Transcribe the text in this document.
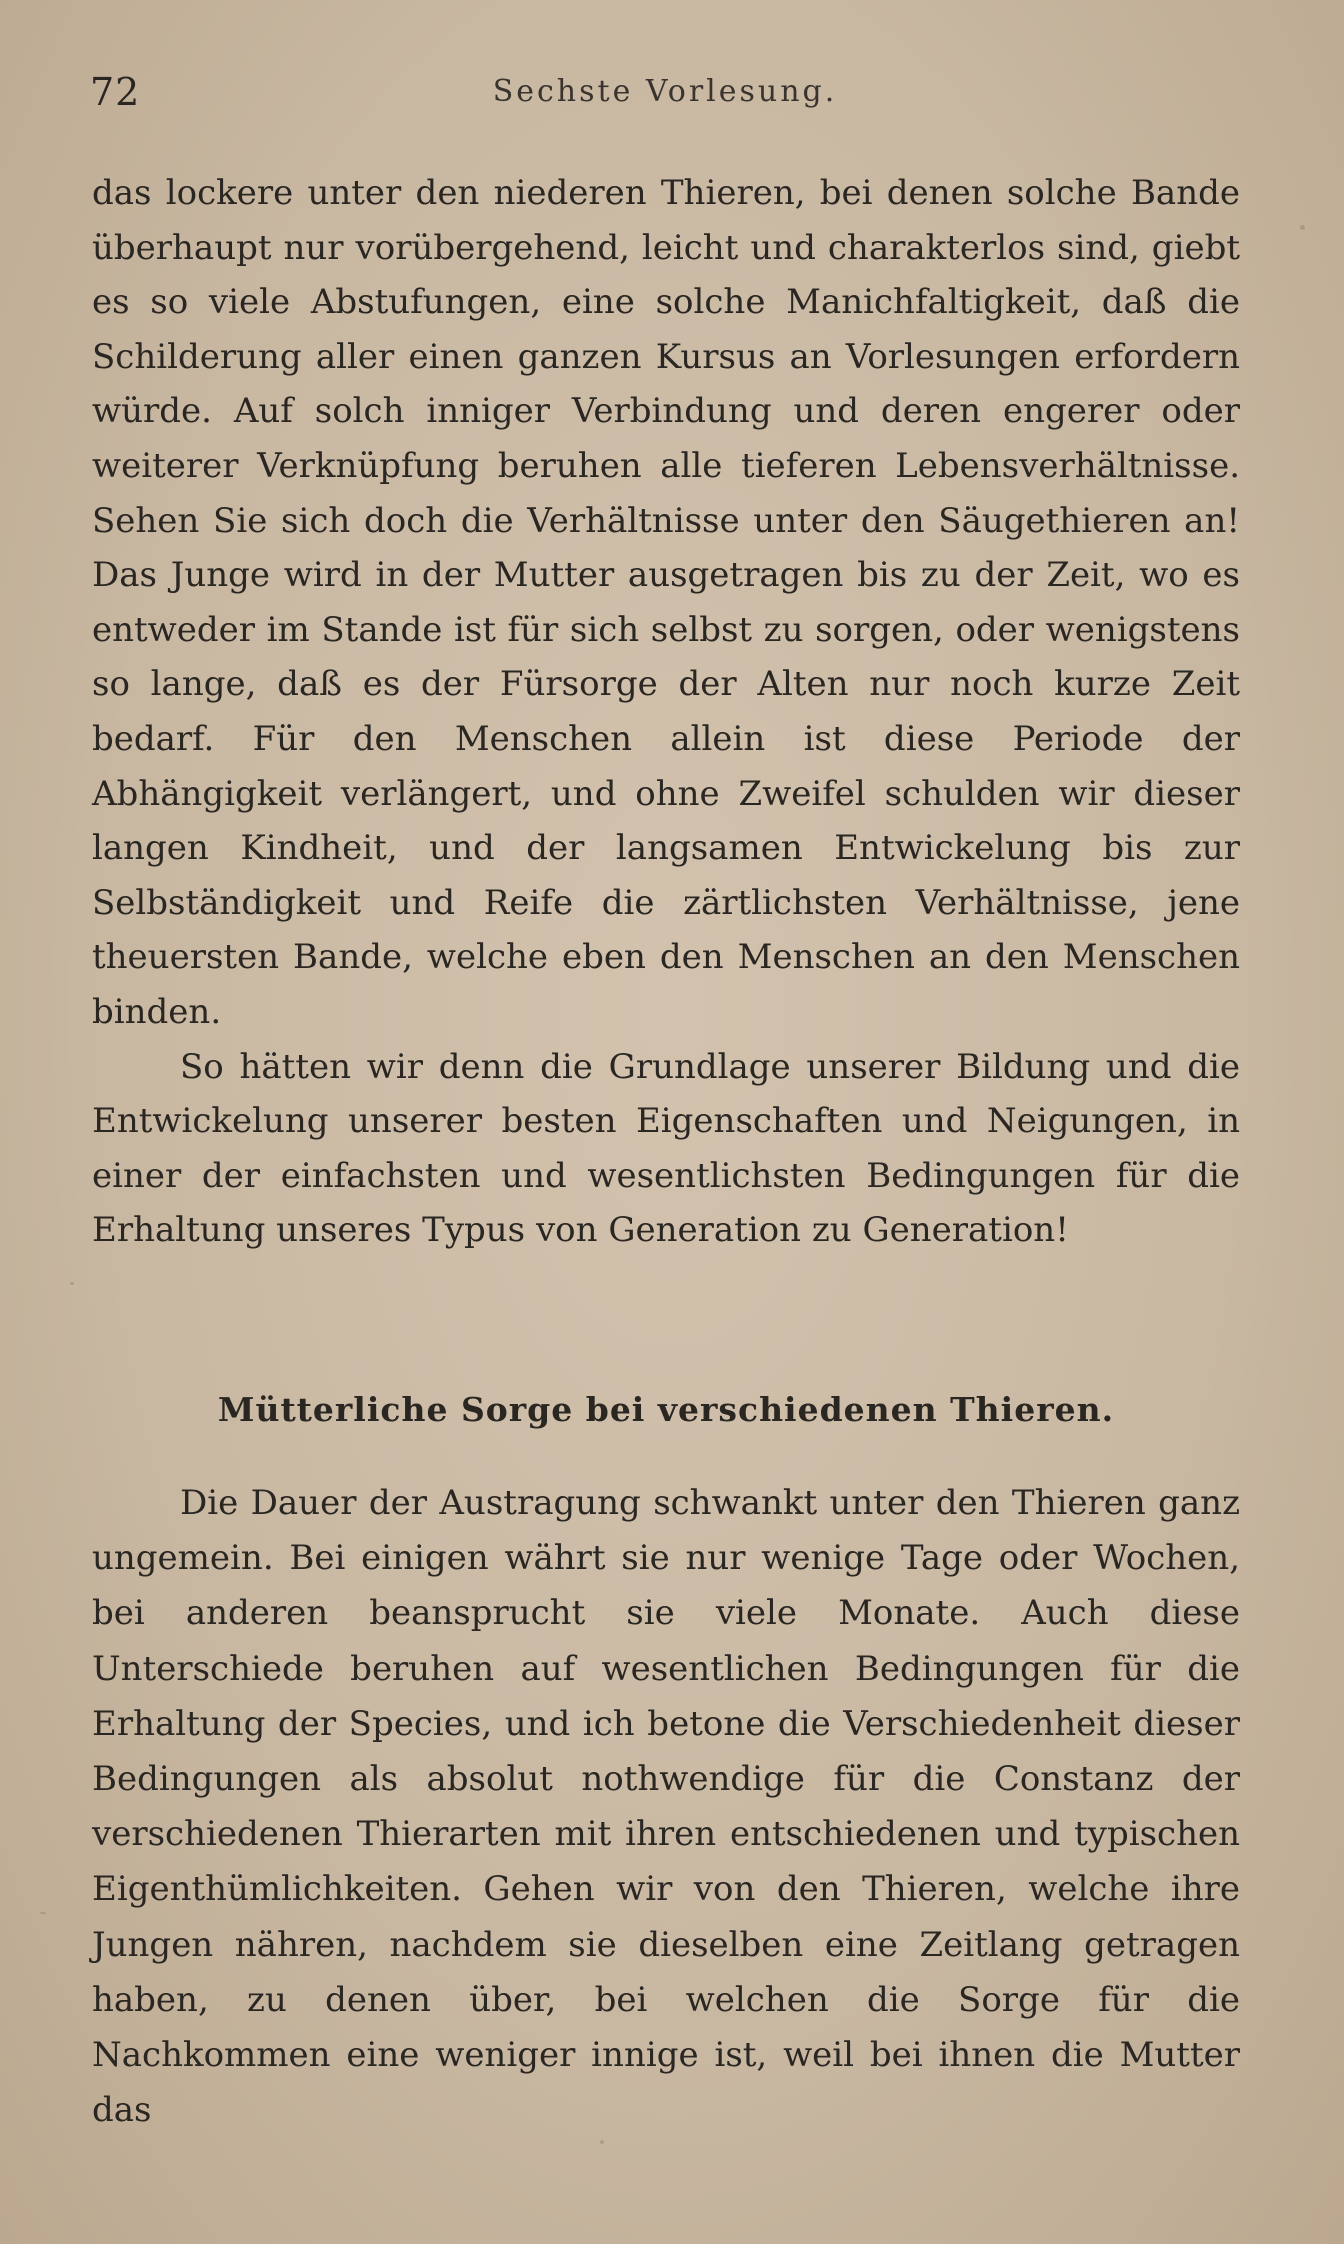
72	Sechste Vorlesung.

das lockere unter den niederen Thieren, bei denen solche Bande überhaupt nur vorübergehend, leicht und charakterlos sind, giebt es so viele Abstufungen, eine solche Manichfaltigkeit, daß die Schilderung aller einen ganzen Kursus an Vorlesungen erfordern würde. Auf solch inniger Verbindung und deren engerer oder weiterer Verknüpfung beruhen alle tieferen Lebensverhältnisse. Sehen Sie sich doch die Verhältnisse unter den Säugethieren an! Das Junge wird in der Mutter ausgetragen bis zu der Zeit, wo es entweder im Stande ist für sich selbst zu sorgen, oder wenigstens so lange, daß es der Fürsorge der Alten nur noch kurze Zeit bedarf. Für den Menschen allein ist diese Periode der Abhängigkeit verlängert, und ohne Zweifel schulden wir dieser langen Kindheit, und der langsamen Entwickelung bis zur Selbständigkeit und Reife die zärtlichsten Verhältnisse, jene theuersten Bande, welche eben den Menschen an den Menschen binden.

So hätten wir denn die Grundlage unserer Bildung und die Entwickelung unserer besten Eigenschaften und Neigungen, in einer der einfachsten und wesentlichsten Bedingungen für die Erhaltung unseres Typus von Generation zu Generation!

Mütterliche Sorge bei verschiedenen Thieren.

Die Dauer der Austragung schwankt unter den Thieren ganz ungemein. Bei einigen währt sie nur wenige Tage oder Wochen, bei anderen beansprucht sie viele Monate. Auch diese Unterschiede beruhen auf wesentlichen Bedingungen für die Erhaltung der Species, und ich betone die Verschiedenheit dieser Bedingungen als absolut nothwendige für die Constanz der verschiedenen Thierarten mit ihren entschiedenen und typischen Eigenthümlichkeiten. Gehen wir von den Thieren, welche ihre Jungen nähren, nachdem sie dieselben eine Zeitlang getragen haben, zu denen über, bei welchen die Sorge für die Nachkommen eine weniger innige ist, weil bei ihnen die Mutter das
